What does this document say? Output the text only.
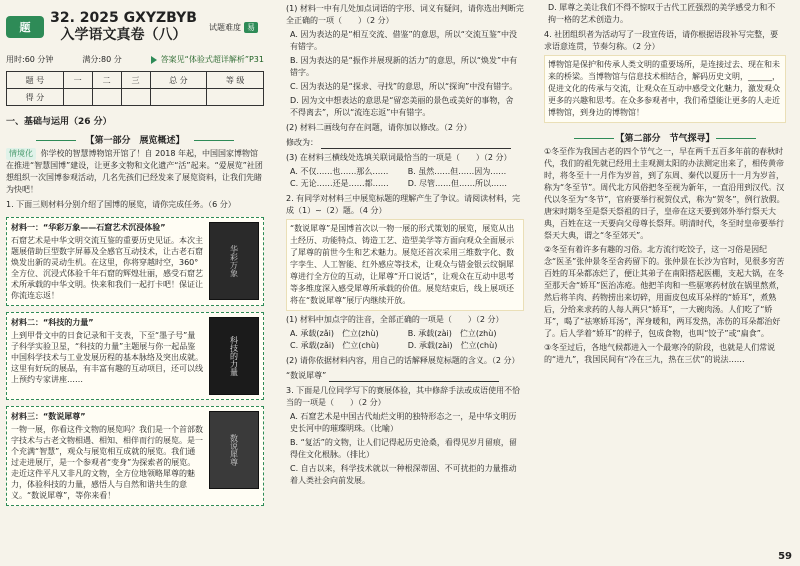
题
32. 2025 GXYZBYB 入学语文真卷（八）	试题难度 易
用时:60 分钟	满分:80 分	答案见“体验式超详解析”P31
题 号	一	二	三	总 分	等 级
得 分					
一、基础与运用（26 分）
【第一部分　展览概述】
情境化 你学校的智慧博物馆开馆了！自 2018 年起，中国国家博物馆在推进“智慧国博”建设，让更多文物和文化遗产“活”起来。“爱展览”社团想组织一次国博参观活动，几名先孩们已经发来了展览资料，让我们先睹为快吧！
1. 下面三则材料分别介绍了国博的展览，请你完成任务。（6 分）
材料一：“华彩万象——石窟艺术沉浸体验”
石窟艺术是中华文明交流互鉴的重要历史见证。本次主题展借助巨型数字屏幕及全感官互动技术，让古老石窟焕发出新的灵动生机。在这里，你将穿越时空，360°全方位、沉浸式体验千年石窟的辉煌壮丽，感受石窟艺术所承载的中华文明。快来和我们一起打卡吧！保证让你流连忘返！
华彩万象
材料二：“科技的力量”
上到甲骨文中的日食记录和干支表，下至“墨子号”量子科学实验卫星，“科技的力量”主题展与你一起品鉴中国科学技术与工业发展历程的基本脉络及突出成就。这里有好玩的展品，有丰富有趣的互动项目，还可以线上预约专家讲座……
科技的力量
材料三：“数说犀尊”
一物一展，你看这件文物的展览吗？我们是一个首部数字技术与古老文物相遇、相知、相伴而行的展览。是一个充满“智慧”，观众与展览相互成就的展览。我们通过走进展厅，是一个参观者“变身”为探索者的展览。走近这件平凡又非凡的文物，全方位地领略犀尊的魅力，体验科技的力量，感悟人与自然和谐共生的意义。“数说犀尊”，等你来看！
数说犀尊
(1) 材料一中有几处加点词语的字形、词义有疑问，请你选出判断完全正确的一项（　　）（2 分）
A. 因为表达的是“相互交流、借鉴”的意思，所以“交流互鉴”中没有错字。
B. 因为表达的是“振作并展现新的活力”的意思，所以“焕发”中有错字。
C. 因为表达的是“探求、寻找”的意思，所以“探询”中没有错字。
D. 因为文中想表达的意思是“留恋美丽的景色或美好的事物，舍不得离去”，所以“流连忘返”中有错字。
(2) 材料二画线句存在问题，请你加以修改。（2 分）
修改为：
(3) 在材料三横线处选填关联词最恰当的一项是（　　）（2 分）
A. 不仅……也……那么……	B. 虽然……但……因为……
C. 无论……还是……都……	D. 尽管……但……所以……
2. 有同学对材料三中展览标题的理解产生了争议。请阅读材料，完成（1）~（2）题。（4 分）
“数说犀尊”是国博首次以一物一展的形式策划的展览，展览从出土经历、功能特点、铸造工艺、造型美学等方面向观众全面展示了犀尊的前世今生和艺术魅力。展览还首次采用三维数字化、数字孪生、人工智能、红外感应等技术，让观众与错金银云纹铜犀尊进行全方位的互动，让犀尊“开口说话”，让观众在互动中思考等多维度深入感受犀尊所承载的价值。展览结束后，线上展项还将在“数说犀尊”展厅内继续开放。
(1) 材料中加点字的注音，全部正确的一项是（　　）（2 分）
A. 承载(zǎi)　伫立(zhù)	B. 承载(zài)　伫立(zhù)
C. 承载(zǎi)　伫立(chù)	D. 承载(zài)　伫立(chù)
(2) 请你依据材料内容，用自己的话解释展览标题的含义。（2 分）
“数说犀尊”
3. 下面是几位同学写下的赛展体验，其中修辞手法或成语使用不恰当的一项是（　　）（2 分）
A. 石窟艺术是中国古代灿烂文明的独特形态之一，是中华文明历史长河中的璀璨明珠。（比喻）
B. “复活”的文物，让人们记得起历史沧桑，看得见岁月留痕，留得住文化根脉。（排比）
C. 自古以来，科学技术就以一种根深蒂固、不可扰拒的力量推动着人类社会向前发展。
D. 犀尊之美让我们不得不惊叹于古代工匠强烈的美学感受力和不拘一格的艺术创造力。
4. 社团组织者为活动写了一段宣传语，请你根据语段补写完整，要求语意连贯，节奏匀称。（2 分）
博物馆是保护和传承人类文明的重要场所，是连接过去、现在和未来的桥梁。当博物馆与信息技术相结合，解码历史文明，______，促进文化的传承与交流，让观众在互动中感受文化魅力，激发观众更多的兴趣和思考。在众多参观者中，我们希望能让更多的人走近博物馆，到身边的博物馆！
【第二部分　节气探寻】
①冬至作为我国古老的四个节气之一，早在两千五百多年前的春秋时代，我们的祖先就已经用土圭观测太阳的办法测定出来了，相传黄帝时，将冬至十一月作为岁首，到了东周、秦代以夏历十一月为岁首，称为“冬至节”。周代北方风俗把冬至视为新年，一直沿用到汉代。汉代以冬至为“冬节”，官府要举行祝贺仪式，称为“贺冬”，例行放假。唐宋时期冬至是祭天祭祖的日子，皇帝在这天要到郊外举行祭天大典，百姓在这一天要向父母尊长祭拜。明清时代，冬至时皇帝要举行祭天大典，谓之“冬至郊天”。
②冬至有着许多有趣的习俗。北方流行吃饺子，这一习俗是因纪念“医圣”张仲景冬至舍药留下的。张仲景在长沙为官时，见很多穷苦百姓的耳朵都冻烂了，便让其弟子在南阳搭起医棚，支起大锅，在冬至那天舍“娇耳”医治冻疮。他把羊肉和一些驱寒药材放在锅里熬煮，然后将羊肉、药物捞出来切碎，用面皮包成耳朵样的“娇耳”，煮熟后，分给来求药的人每人两只“娇耳”，一大碗肉汤。人们吃了“娇耳”，喝了“祛寒娇耳汤”，浑身暖和，两耳发热，冻伤的耳朵都治好了。后人学着“娇耳”的样子，包成食物，也叫“饺子”或“扁食”。
③冬至过后，各地气候都进入一个最寒冷的阶段，也就是人们常说的“进九”，我国民间有“冷在三九，热在三伏”的说法……
59
